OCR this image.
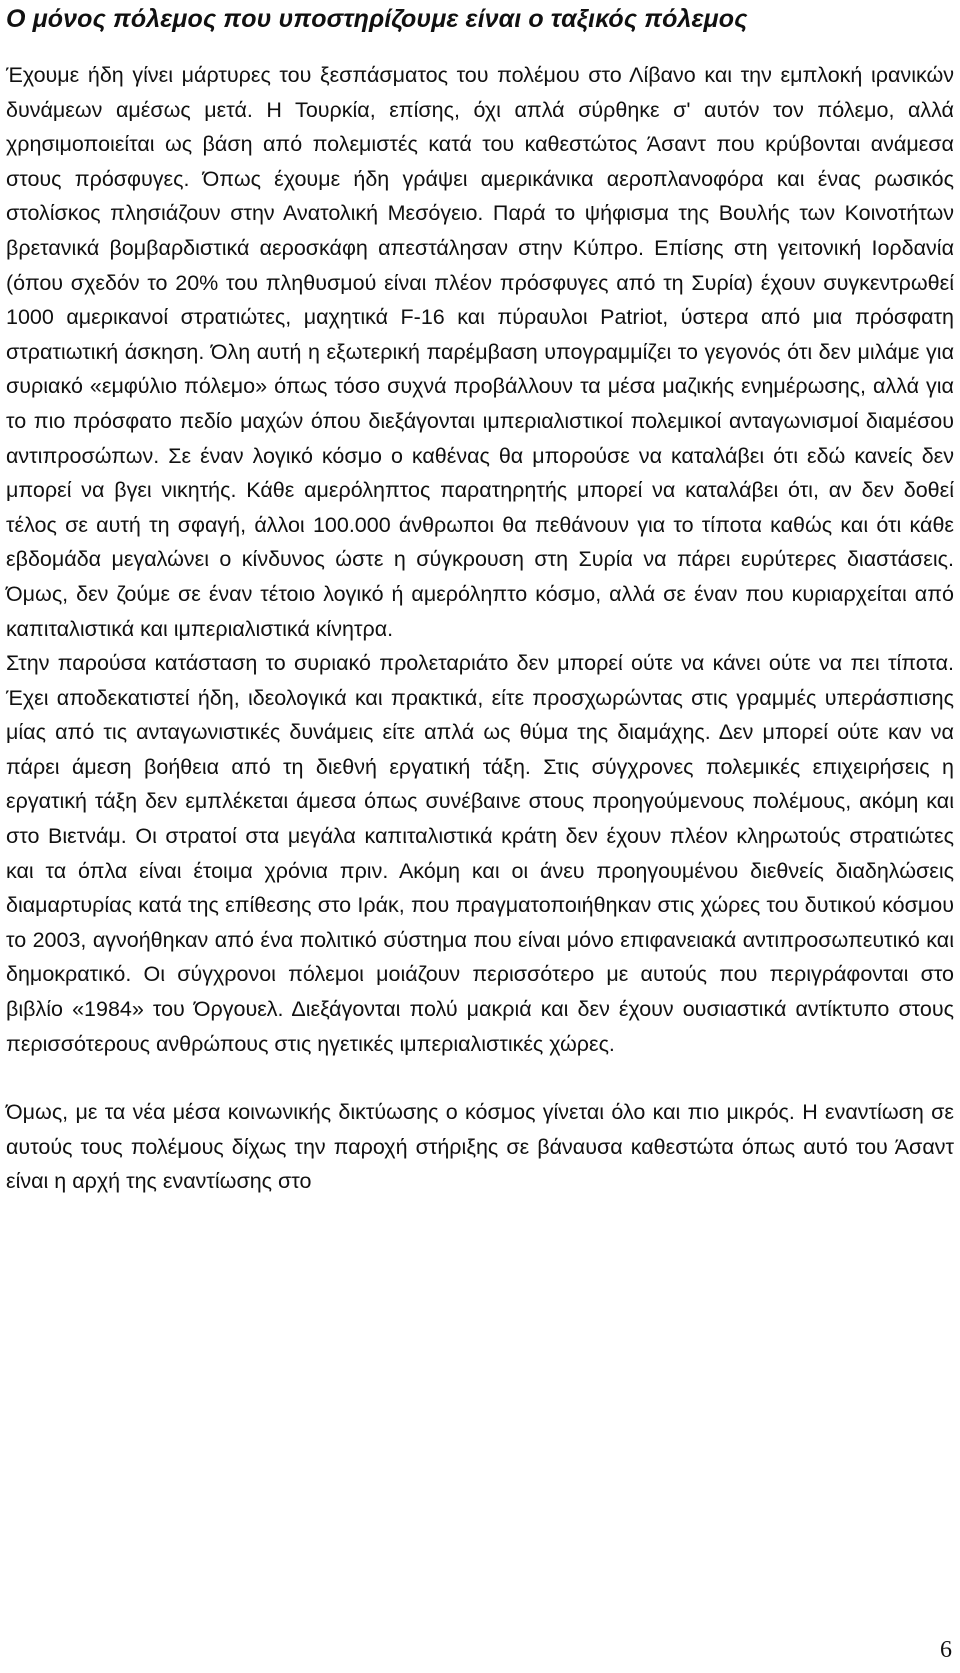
Ο μόνος πόλεμος που υποστηρίζουμε είναι ο ταξικός πόλεμος

Έχουμε ήδη γίνει μάρτυρες του ξεσπάσματος του πολέμου στο Λίβανο και την εμπλοκή ιρανικών δυνάμεων αμέσως μετά. Η Τουρκία, επίσης, όχι απλά σύρθηκε σ' αυτόν τον πόλεμο, αλλά χρησιμοποιείται ως βάση από πολεμιστές κατά του καθεστώτος Άσαντ που κρύβονται ανάμεσα στους πρόσφυγες. Όπως έχουμε ήδη γράψει αμερικάνικα αεροπλανοφόρα και ένας ρωσικός στολίσκος πλησιάζουν στην Ανατολική Μεσόγειο. Παρά το ψήφισμα της Βουλής των Κοινοτήτων βρετανικά βομβαρδιστικά αεροσκάφη απεστάλησαν στην Κύπρο. Επίσης στη γειτονική Ιορδανία (όπου σχεδόν το 20% του πληθυσμού είναι πλέον πρόσφυγες από τη Συρία) έχουν συγκεντρωθεί 1000 αμερικανοί στρατιώτες, μαχητικά F-16 και πύραυλοι Patriot, ύστερα από μια πρόσφατη στρατιωτική άσκηση. Όλη αυτή η εξωτερική παρέμβαση υπογραμμίζει το γεγονός ότι δεν μιλάμε για συριακό «εμφύλιο πόλεμο» όπως τόσο συχνά προβάλλουν τα μέσα μαζικής ενημέρωσης, αλλά για το πιο πρόσφατο πεδίο μαχών όπου διεξάγονται ιμπεριαλιστικοί πολεμικοί ανταγωνισμοί διαμέσου αντιπροσώπων. Σε έναν λογικό κόσμο ο καθένας θα μπορούσε να καταλάβει ότι εδώ κανείς δεν μπορεί να βγει νικητής. Κάθε αμερόληπτος παρατηρητής μπορεί να καταλάβει ότι, αν δεν δοθεί τέλος σε αυτή τη σφαγή, άλλοι 100.000 άνθρωποι θα πεθάνουν για το τίποτα καθώς και ότι κάθε εβδομάδα μεγαλώνει ο κίνδυνος ώστε η σύγκρουση στη Συρία να πάρει ευρύτερες διαστάσεις. Όμως, δεν ζούμε σε έναν τέτοιο λογικό ή αμερόληπτο κόσμο, αλλά σε έναν που κυριαρχείται από καπιταλιστικά και ιμπεριαλιστικά κίνητρα.

Στην παρούσα κατάσταση το συριακό προλεταριάτο δεν μπορεί ούτε να κάνει ούτε να πει τίποτα. Έχει αποδεκατιστεί ήδη, ιδεολογικά και πρακτικά, είτε προσχωρώντας στις γραμμές υπεράσπισης μίας από τις ανταγωνιστικές δυνάμεις είτε απλά ως θύμα της διαμάχης. Δεν μπορεί ούτε καν να πάρει άμεση βοήθεια από τη διεθνή εργατική τάξη. Στις σύγχρονες πολεμικές επιχειρήσεις η εργατική τάξη δεν εμπλέκεται άμεσα όπως συνέβαινε στους προηγούμενους πολέμους, ακόμη και στο Βιετνάμ. Οι στρατοί στα μεγάλα καπιταλιστικά κράτη δεν έχουν πλέον κληρωτούς στρατιώτες και τα όπλα είναι έτοιμα χρόνια πριν. Ακόμη και οι άνευ προηγουμένου διεθνείς διαδηλώσεις διαμαρτυρίας κατά της επίθεσης στο Ιράκ, που πραγματοποιήθηκαν στις χώρες του δυτικού κόσμου το 2003, αγνοήθηκαν από ένα πολιτικό σύστημα που είναι μόνο επιφανειακά αντιπροσωπευτικό και δημοκρατικό. Οι σύγχρονοι πόλεμοι μοιάζουν περισσότερο με αυτούς που περιγράφονται στο βιβλίο «1984» του Όργουελ. Διεξάγονται πολύ μακριά και δεν έχουν ουσιαστικά αντίκτυπο στους περισσότερους ανθρώπους στις ηγετικές ιμπεριαλιστικές χώρες.

Όμως, με τα νέα μέσα κοινωνικής δικτύωσης ο κόσμος γίνεται όλο και πιο μικρός. Η εναντίωση σε αυτούς τους πολέμους δίχως την παροχή στήριξης σε βάναυσα καθεστώτα όπως αυτό του Άσαντ είναι η αρχή της εναντίωσης στο

6
